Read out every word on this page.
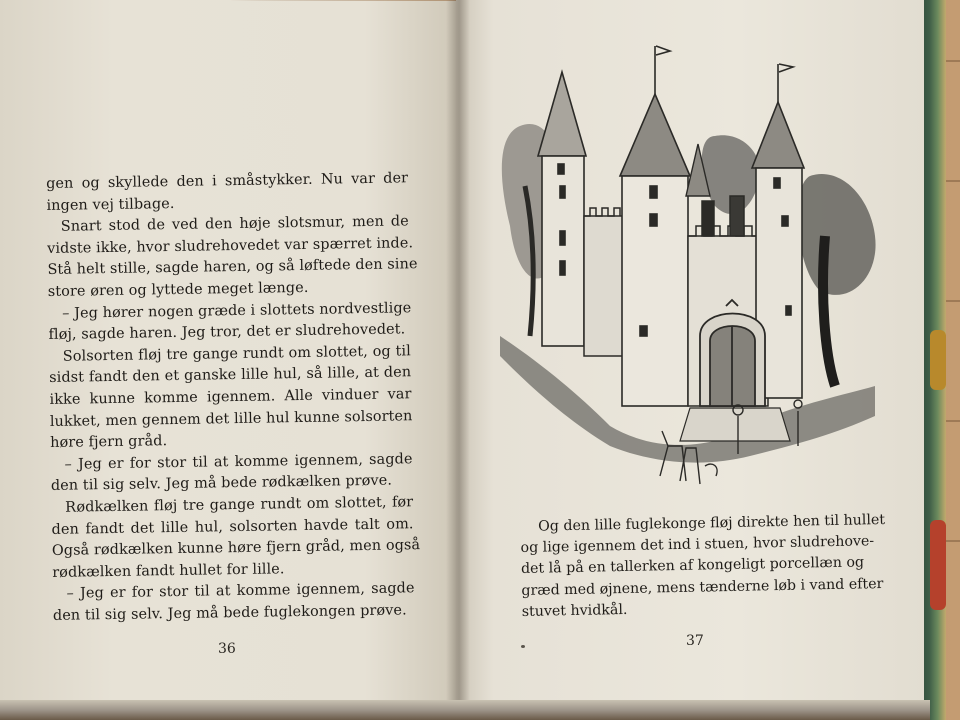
gen og skyllede den i småstykker. Nu var der

ingen vej tilbage.

Snart stod de ved den høje slotsmur, men de

vidste ikke, hvor sludrehovedet var spærret inde.

Stå helt stille, sagde haren, og så løftede den sine

store øren og lyttede meget længe.

– Jeg hører nogen græde i slottets nordvestlige

fløj, sagde haren. Jeg tror, det er sludrehovedet.

Solsorten fløj tre gange rundt om slottet, og til

sidst fandt den et ganske lille hul, så lille, at den

ikke kunne komme igennem. Alle vinduer var

lukket, men gennem det lille hul kunne solsorten

høre fjern gråd.

– Jeg er for stor til at komme igennem, sagde

den til sig selv. Jeg må bede rødkælken prøve.

Rødkælken fløj tre gange rundt om slottet, før

den fandt det lille hul, solsorten havde talt om.

Også rødkælken kunne høre fjern gråd, men også

rødkælken fandt hullet for lille.

– Jeg er for stor til at komme igennem, sagde

den til sig selv. Jeg må bede fuglekongen prøve.

36

Og den lille fuglekonge fløj direkte hen til hullet

og lige igennem det ind i stuen, hvor sludrehove-

det lå på en tallerken af kongeligt porcellæn og

græd med øjnene, mens tænderne løb i vand efter

stuvet hvidkål.

37
